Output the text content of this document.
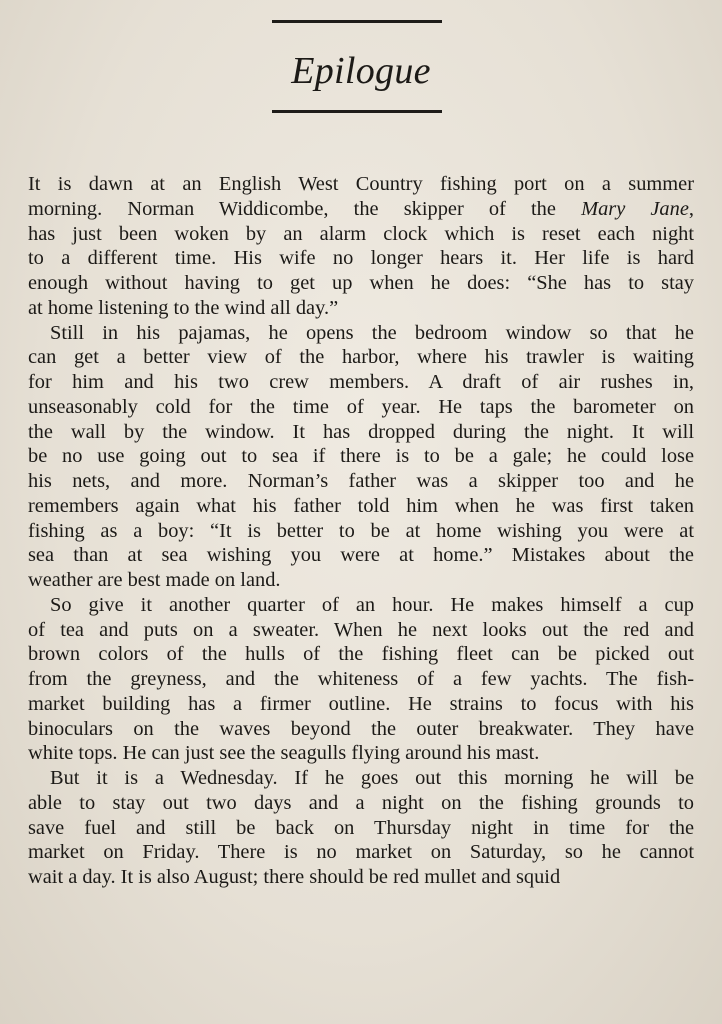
Epilogue
It is dawn at an English West Country fishing port on a summer
morning. Norman Widdicombe, the skipper of the Mary Jane,
has just been woken by an alarm clock which is reset each night
to a different time. His wife no longer hears it. Her life is hard
enough without having to get up when he does: “She has to stay
at home listening to the wind all day.”
Still in his pajamas, he opens the bedroom window so that he
can get a better view of the harbor, where his trawler is waiting
for him and his two crew members. A draft of air rushes in,
unseasonably cold for the time of year. He taps the barometer on
the wall by the window. It has dropped during the night. It will
be no use going out to sea if there is to be a gale; he could lose
his nets, and more. Norman’s father was a skipper too and he
remembers again what his father told him when he was first taken
fishing as a boy: “It is better to be at home wishing you were at
sea than at sea wishing you were at home.” Mistakes about the
weather are best made on land.
So give it another quarter of an hour. He makes himself a cup
of tea and puts on a sweater. When he next looks out the red and
brown colors of the hulls of the fishing fleet can be picked out
from the greyness, and the whiteness of a few yachts. The fish-
market building has a firmer outline. He strains to focus with his
binoculars on the waves beyond the outer breakwater. They have
white tops. He can just see the seagulls flying around his mast.
But it is a Wednesday. If he goes out this morning he will be
able to stay out two days and a night on the fishing grounds to
save fuel and still be back on Thursday night in time for the
market on Friday. There is no market on Saturday, so he cannot
wait a day. It is also August; there should be red mullet and squid
